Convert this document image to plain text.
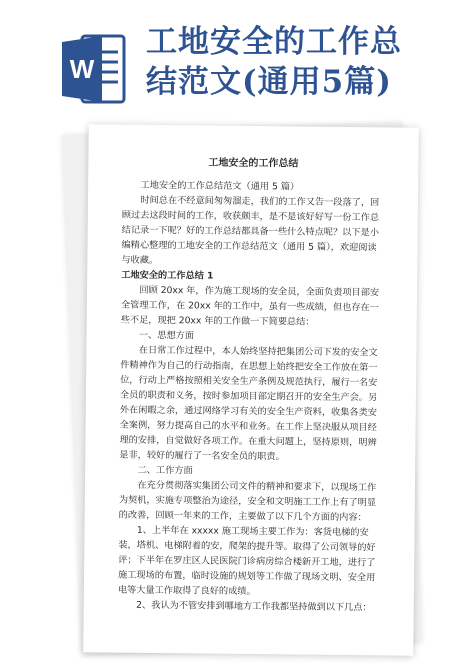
W
工地安全的工作总
结范文(通用5篇)
工地安全的工作总结

工地安全的工作总结范文（通用 5 篇）

时间总在不经意间匆匆溜走，我们的工作又告一段落了，回顾过去这段时间的工作，收获颇丰，是不是该好好写一份工作总结记录一下呢？好的工作总结都具备一些什么特点呢？以下是小编精心整理的工地安全的工作总结范文（通用 5 篇），欢迎阅读与收藏。

工地安全的工作总结 1

回顾 20xx 年，作为施工现场的安全员，全面负责项目部安全管理工作，在 20xx 年的工作中，虽有一些成绩，但也存在一些不足，现把 20xx 年的工作做一下简要总结：

一、思想方面

在日常工作过程中，本人始终坚持把集团公司下发的安全文件精神作为自己的行动指南，在思想上始终把安全工作放在第一位，行动上严格按照相关安全生产条例及规范执行，履行一名安全员的职责和义务，按时参加项目部定期召开的安全生产会。另外在闲暇之余，通过网络学习有关的安全生产资料，收集各类安全案例，努力提高自己的水平和业务。在工作上坚决服从项目经理的安排，自觉做好各项工作。在重大问题上，坚持原则，明辨是非，较好的履行了一名安全员的职责。

二、工作方面

在充分贯彻落实集团公司文件的精神和要求下，以现场工作为契机，实施专项整治为途径，安全和文明施工工作上有了明显的改善，回顾一年来的工作，主要做了以下几个方面的内容：

1、上半年在 xxxxx 施工现场主要工作为：客货电梯的安装，塔机、电梯附着的安，爬架的提升等。取得了公司领导的好评；下半年在罗庄区人民医院门诊病房综合楼新开工地，进行了施工现场的布置，临时设施的规划等工作做了现场文明、安全用电等大量工作取得了良好的成绩。

2、我认为不管安排到哪地方工作我都坚持做到以下几点：
